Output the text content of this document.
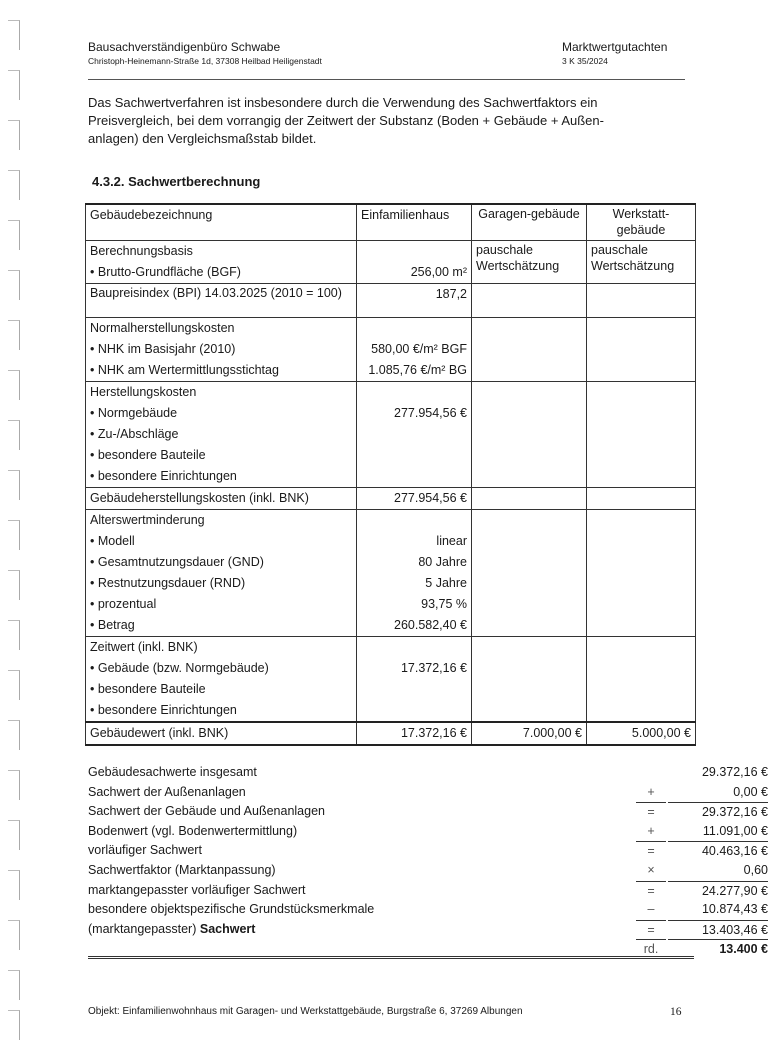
Bausachverständigenbüro Schwabe
Christoph-Heinemann-Straße 1d, 37308 Heilbad Heiligenstadt
Marktwertgutachten
3 K 35/2024
Das Sachwertverfahren ist insbesondere durch die Verwendung des Sachwertfaktors ein Preisvergleich, bei dem vorrangig der Zeitwert der Substanz (Boden + Gebäude + Außen-anlagen) den Vergleichsmaßstab bildet.
4.3.2. Sachwertberechnung
Gebäudebezeichnung	Einfamilienhaus	Garagen-gebäude	Werkstatt-gebäude
Berechnungsbasis		pauschale Wertschätzung	pauschale Wertschätzung
• Brutto-Grundfläche (BGF)	256,00 m²		
Baupreisindex (BPI) 14.03.2025 (2010 = 100)	187,2		
Normalherstellungskosten			
• NHK im Basisjahr (2010)	580,00 €/m² BGF		
• NHK am Wertermittlungsstichtag	1.085,76 €/m² BG		
Herstellungskosten			
• Normgebäude	277.954,56 €		
• Zu-/Abschläge			
• besondere Bauteile			
• besondere Einrichtungen			
Gebäudeherstellungskosten (inkl. BNK)	277.954,56 €		
Alterswertminderung			
• Modell	linear		
• Gesamtnutzungsdauer (GND)	80 Jahre		
• Restnutzungsdauer (RND)	5 Jahre		
• prozentual	93,75 %		
• Betrag	260.582,40 €		
Zeitwert (inkl. BNK)			
• Gebäude (bzw. Normgebäude)	17.372,16 €		
• besondere Bauteile			
• besondere Einrichtungen			
Gebäudewert (inkl. BNK)	17.372,16 €	7.000,00 €	5.000,00 €
Gebäudesachwerte insgesamt	29.372,16 €
Sachwert der Außenanlagen	+	0,00 €
Sachwert der Gebäude und Außenanlagen	=	29.372,16 €
Bodenwert (vgl. Bodenwertermittlung)	+	11.091,00 €
vorläufiger Sachwert	=	40.463,16 €
Sachwertfaktor (Marktanpassung)	×	0,60
marktangepasster vorläufiger Sachwert	=	24.277,90 €
besondere objektspezifische Grundstücksmerkmale	–	10.874,43 €
(marktangepasster) Sachwert	=	13.403,46 €
rd.	13.400 €
Objekt: Einfamilienwohnhaus mit Garagen- und Werkstattgebäude, Burgstraße 6, 37269 Albungen	16
